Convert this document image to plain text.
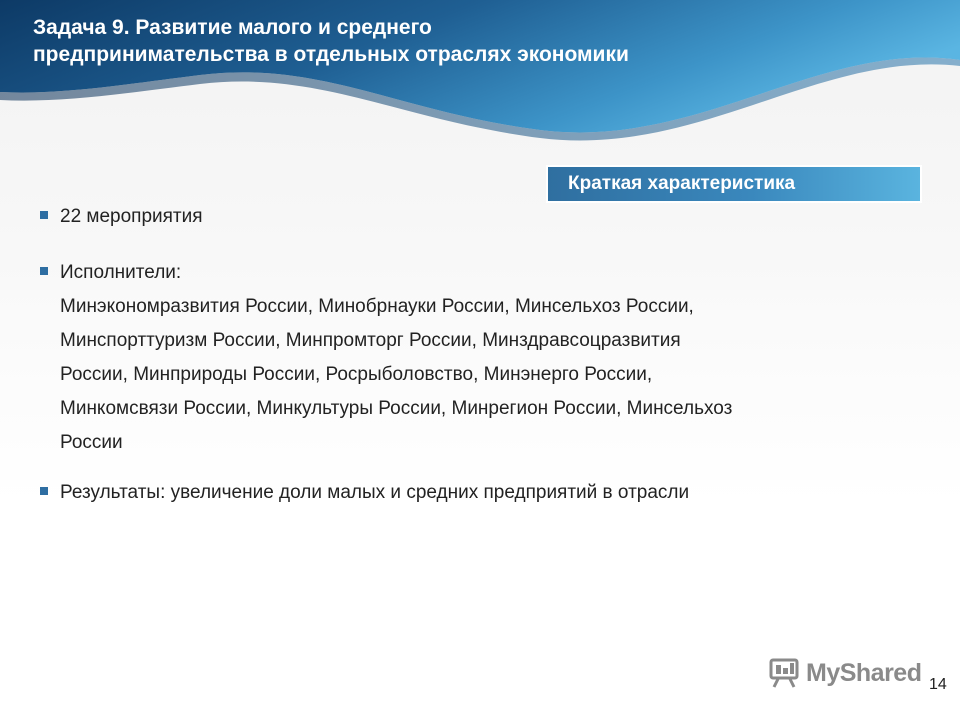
Задача 9. Развитие малого и среднего
предпринимательства в отдельных отраслях экономики
Краткая характеристика
22 мероприятия
Исполнители:
Минэкономразвития России, Минобрнауки России, Минсельхоз России,
Минспорттуризм России, Минпромторг России, Минздравсоцразвития
России, Минприроды России, Росрыболовство, Минэнерго России,
Минкомсвязи России, Минкультуры России, Минрегион России, Минсельхоз
России
Результаты: увеличение доли малых и средних предприятий в отрасли
MyShared 14
